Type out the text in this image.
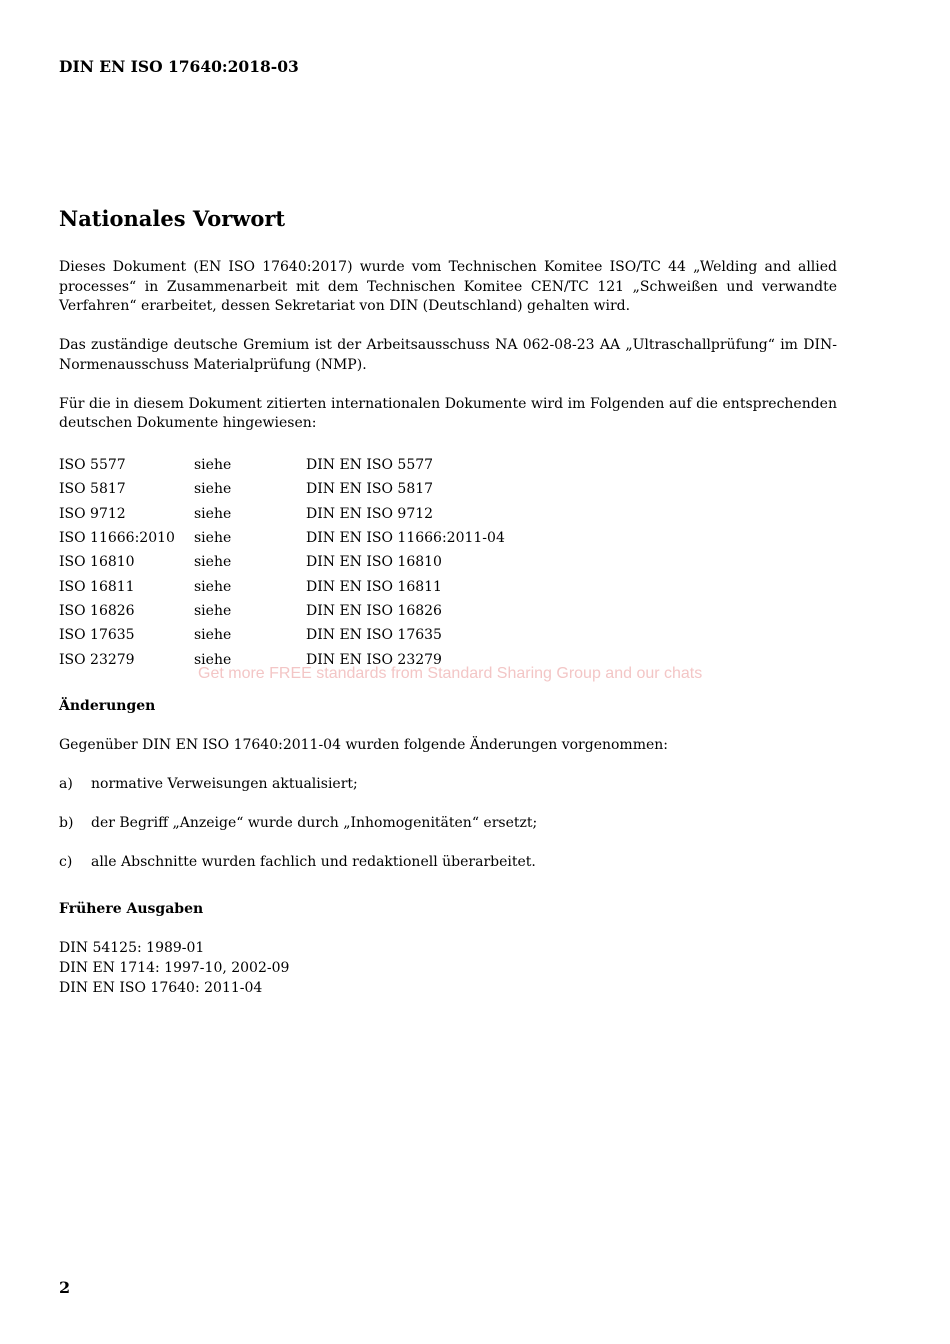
DIN EN ISO 17640:2018-03
Nationales Vorwort

Dieses Dokument (EN ISO 17640:2017) wurde vom Technischen Komitee ISO/TC 44 „Welding and allied processes“ in Zusammenarbeit mit dem Technischen Komitee CEN/TC 121 „Schweißen und verwandte Verfahren“ erarbeitet, dessen Sekretariat von DIN (Deutschland) gehalten wird.

Das zuständige deutsche Gremium ist der Arbeitsausschuss NA 062-08-23 AA „Ultraschallprüfung“ im DIN-Normenausschuss Materialprüfung (NMP).

Für die in diesem Dokument zitierten internationalen Dokumente wird im Folgenden auf die entsprechenden deutschen Dokumente hingewiesen:

ISO 5577	siehe	DIN EN ISO 5577
ISO 5817	siehe	DIN EN ISO 5817
ISO 9712	siehe	DIN EN ISO 9712
ISO 11666:2010	siehe	DIN EN ISO 11666:2011-04
ISO 16810	siehe	DIN EN ISO 16810
ISO 16811	siehe	DIN EN ISO 16811
ISO 16826	siehe	DIN EN ISO 16826
ISO 17635	siehe	DIN EN ISO 17635
ISO 23279	siehe	DIN EN ISO 23279
Änderungen

Gegenüber DIN EN ISO 17640:2011-04 wurden folgende Änderungen vorgenommen:

a)	normative Verweisungen aktualisiert;
b)	der Begriff „Anzeige“ wurde durch „Inhomogenitäten“ ersetzt;
c)	alle Abschnitte wurden fachlich und redaktionell überarbeitet.
Frühere Ausgaben
DIN 54125: 1989-01
DIN EN 1714: 1997-10, 2002-09
DIN EN ISO 17640: 2011-04
2
Get more FREE standards from Standard Sharing Group and our chats
